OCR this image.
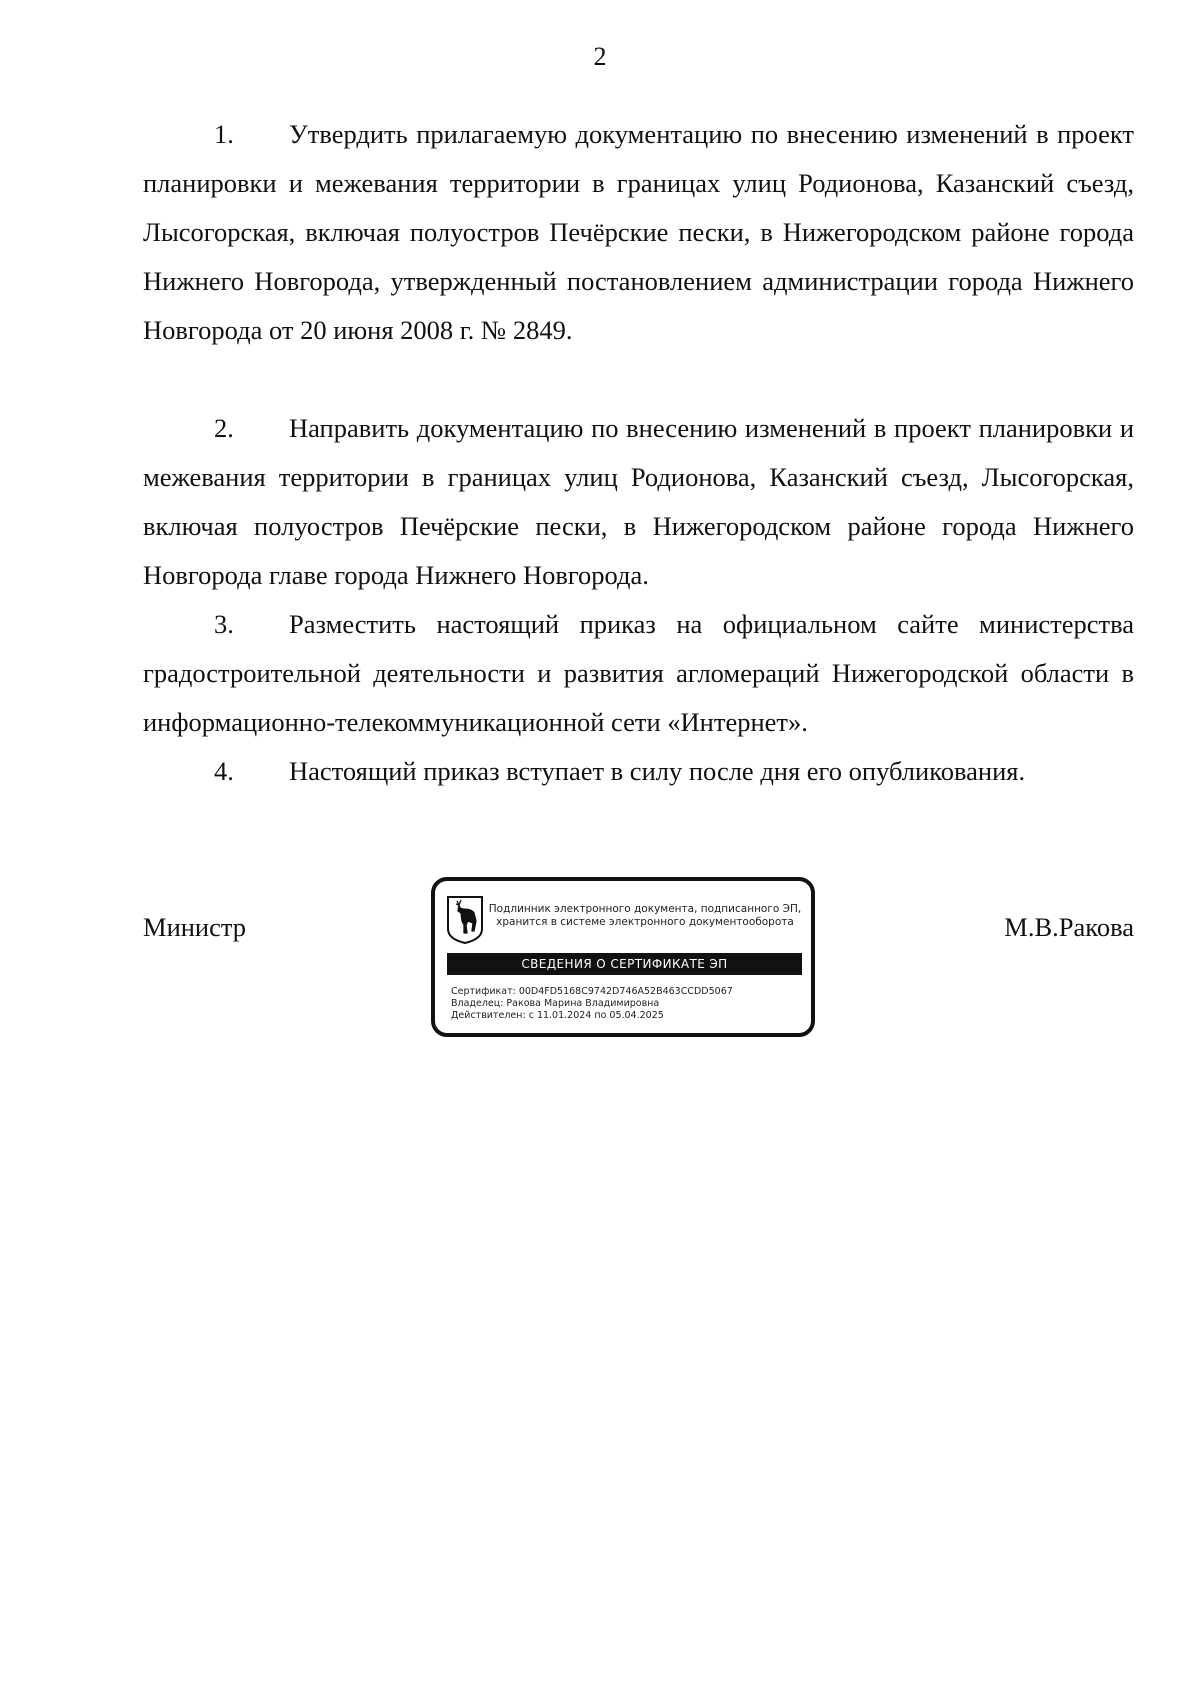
2
1.	Утвердить прилагаемую документацию по внесению изменений в проект планировки и межевания территории в границах улиц Родионова, Казанский съезд, Лысогорская, включая полуостров Печёрские пески, в Нижегородском районе города Нижнего Новгорода, утвержденный постановлением администрации города Нижнего Новгорода от 20 июня 2008 г. № 2849.
2.	Направить документацию по внесению изменений в проект планировки и межевания территории в границах улиц Родионова, Казанский съезд, Лысогорская, включая полуостров Печёрские пески, в Нижегородском районе города Нижнего Новгорода главе города Нижнего Новгорода.
3.	Разместить настоящий приказ на официальном сайте министерства градостроительной деятельности и развития агломераций Нижегородской области в информационно-телекоммуникационной сети «Интернет».
4.	Настоящий приказ вступает в силу после дня его опубликования.
Министр	М.В.Ракова
Подлинник электронного документа, подписанного ЭП,
хранится в системе электронного документооборота
СВЕДЕНИЯ О СЕРТИФИКАТЕ ЭП
Сертификат: 00D4FD5168C9742D746A52B463CCDD5067
Владелец: Ракова Марина Владимировна
Действителен: с 11.01.2024 по 05.04.2025
